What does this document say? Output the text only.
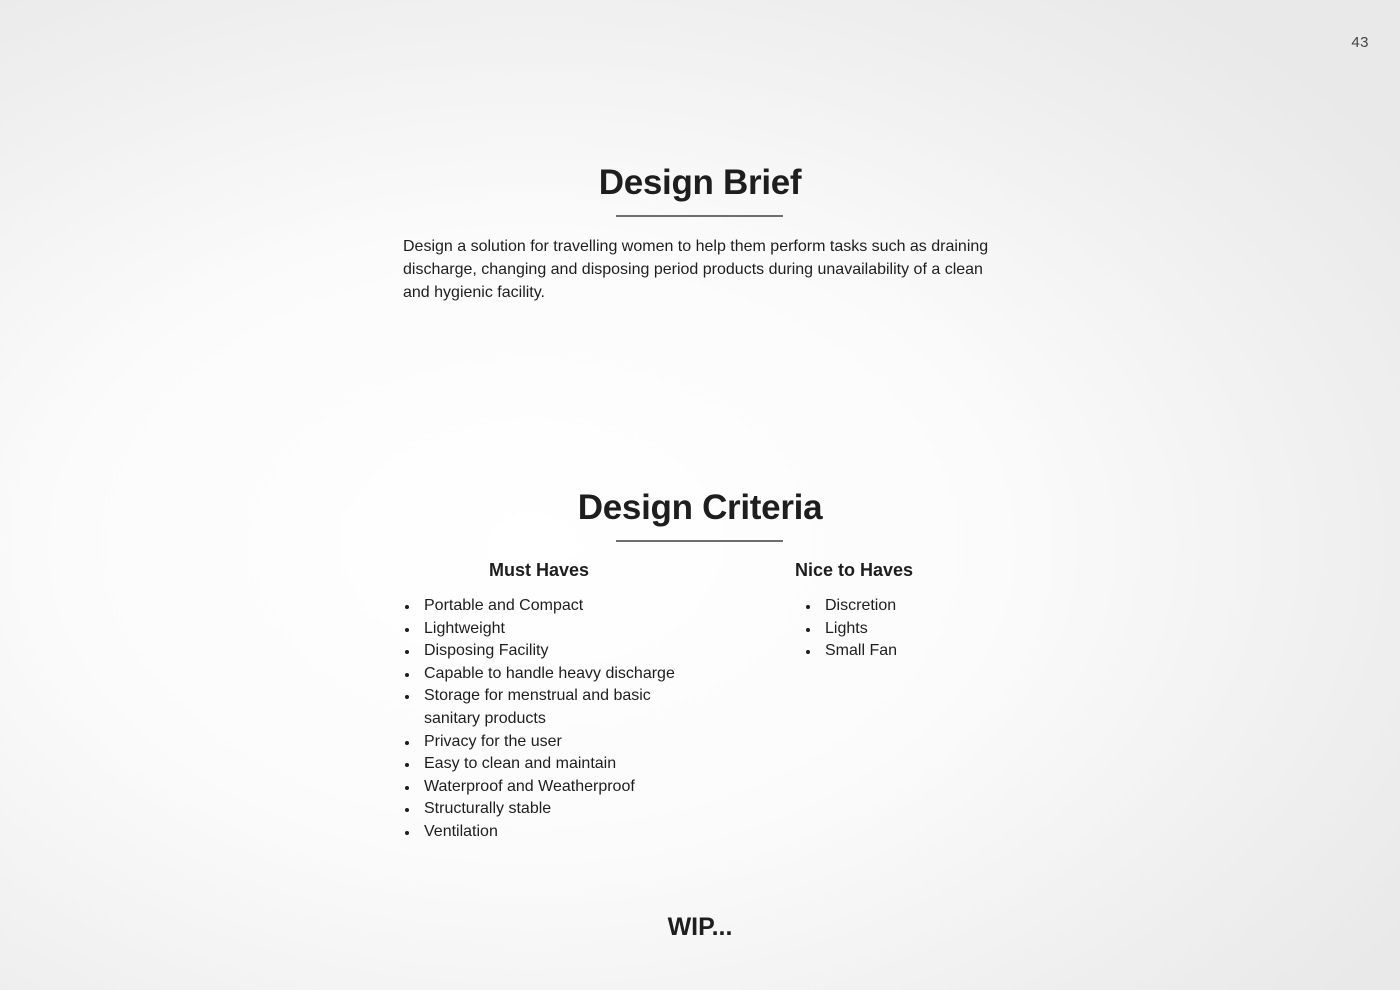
43
Design Brief

Design a solution for travelling women to help them perform tasks such as draining discharge, changing and disposing period products during unavailability of a clean and hygienic facility.

Design Criteria
Must Haves
Portable and Compact
Lightweight
Disposing Facility
Capable to handle heavy discharge
Storage for menstrual and basic sanitary products
Privacy for the user
Easy to clean and maintain
Waterproof and Weatherproof
Structurally stable
Ventilation
Nice to Haves
Discretion
Lights
Small Fan
WIP...
